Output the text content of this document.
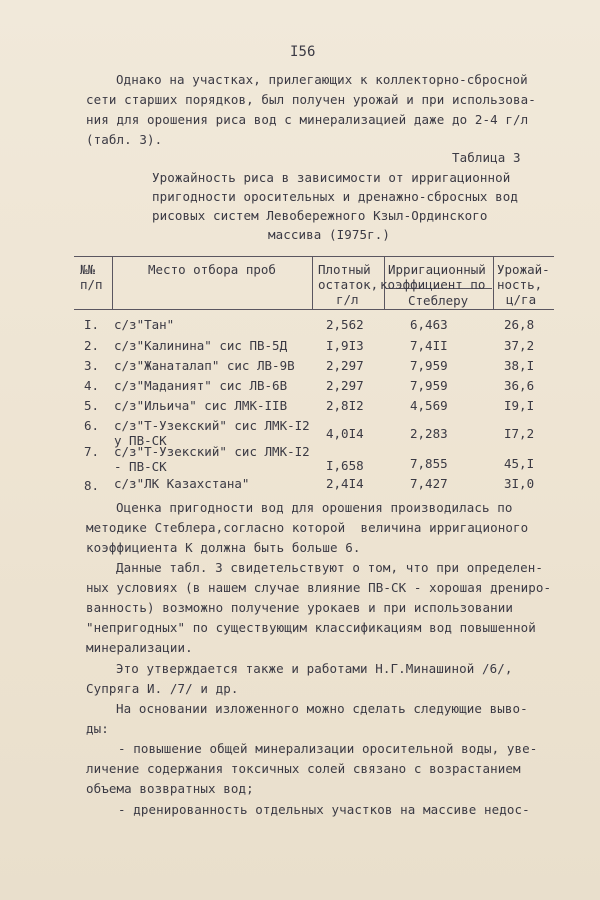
I56
Однако на участках, прилегающих к коллекторно-сбросной
сети старших порядков, был получен урожай и при использова-
ния для орошения риса вод с минерализацией даже до 2-4 г/л
(табл. 3).
Таблица 3
Урожайность риса в зависимости от ирригационной
пригодности оросительных и дренажно-сбросных вод
рисовых систем Левобережного Кзыл-Ординского
массива (I975г.)
№№
п/п
Место отбора проб	Плотный
остаток,
г/л
Ирригационный
коэффициент по
Стеблеру
Урожай-
ность,
ц/га
I. с/з"Тан"	2,562	6,463	26,8
2. с/з"Калинина" сис ПВ-5Д	I,9I3	7,4II	37,2
3. с/з"Жанаталап" сис ЛВ-9В	2,297	7,959	38,I
4. с/з"Маданият" сис ЛВ-6В	2,297	7,959	36,6
5. с/з"Ильича" сис ЛМК-IIВ	2,8I2	4,569	I9,I
6. с/з"Т-Узекский" сис ЛМК-I2
у ПВ-СК	4,0I4	2,283	I7,2
7. с/з"Т-Узекский" сис ЛМК-I2
- ПВ-СК	I,658	7,855	45,I
8. с/з"ЛК Казахстана"	2,4I4	7,427	3I,0
Оценка пригодности вод для орошения производилась по
методике Стеблера,согласно которой  величина ирригационого
коэффициента К должна быть больше 6.
Данные табл. 3 свидетельствуют о том, что при определен-
ных условиях (в нашем случае влияние ПВ-СК - хорошая дрениро-
ванность) возможно получение урокаев и при использовании
"непригодных" по существующим классификациям вод повышенной
минерализации.
Это утверждается также и работами Н.Г.Минашиной /6/,
Супряга И. /7/ и др.
На основании изложенного можно сделать следующие выво-
ды:
- повышение общей минерализации оросительной воды, уве-
личение содержания токсичных солей связано с возрастанием
объема возвратных вод;
- дренированность отдельных участков на массиве недос-
